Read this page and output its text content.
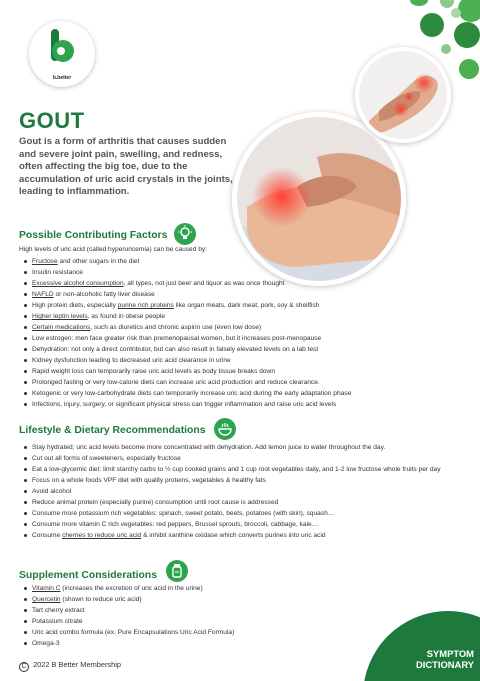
b.better
GOUT
Gout is a form of arthritis that causes sudden and severe joint pain, swelling, and redness, often affecting the big toe, due to the accumulation of uric acid crystals in the joints, leading to inflammation.
Possible Contributing Factors
High levels of uric acid (called hyperuricemia) can be caused by:
Fructose and other sugars in the diet
Insulin resistance
Excessive alcohol consumption, all types, not just beer and liquor as was once thought
NAFLD or non-alcoholic fatty liver disease
High protein diets, especially purine rich proteins like organ meats, dark meat, pork, soy & shellfish
Higher leptin levels, as found in obese people
Certain medications, such as diuretics and chronic aspirin use (even low dose)
Low estrogen: men face greater risk than premenopausal women, but it increases post-menopause
Dehydration: not only a direct contributor, but can also result in falsely elevated levels on a lab test
Kidney dysfunction leading to decreased uric acid clearance in urine
Rapid weight loss can temporarily raise uric acid levels as body tissue breaks down
Prolonged fasting or very low-calorie diets can increase uric acid production and reduce clearance.
Ketogenic or very low-carbohydrate diets can temporarily increase uric acid during the early adaptation phase
Infections, injury, surgery, or significant physical stress can trigger inflammation and raise uric acid levels
Lifestyle & Dietary Recommendations
Stay hydrated; uric acid levels become more concentrated with dehydration. Add lemon juice to water throughout the day.
Cut out all forms of sweeteners, especially fructose
Eat a low-glycemic diet: limit starchy carbs to ½ cup cooked grains and 1 cup root vegetables daily, and 1-2 low fructose whole fruits per day
Focus on a whole foods VPF diet with quality proteins, vegetables & healthy fats
Avoid alcohol
Reduce animal protein (especially purine) consumption until root cause is addressed
Consume more potassium rich vegetables: spinach, sweet potato, beets, potatoes (with skin), squash…
Consume more vitamin C rich vegetables: red peppers, Brussel sprouts, broccoli, cabbage, kale…
Consume cherries to reduce uric acid & inhibit xanthine oxidase which converts purines into uric acid
Supplement Considerations
Vitamin C (increases the excretion of uric acid in the urine)
Quercetin (shown to reduce uric acid)
Tart cherry extract
Potassium citrate
Uric acid combo formula (ex. Pure Encapsulations Uric Acid Formula)
Omega-3
C 2022 B Better Membership
SYMPTOM
DICTIONARY
